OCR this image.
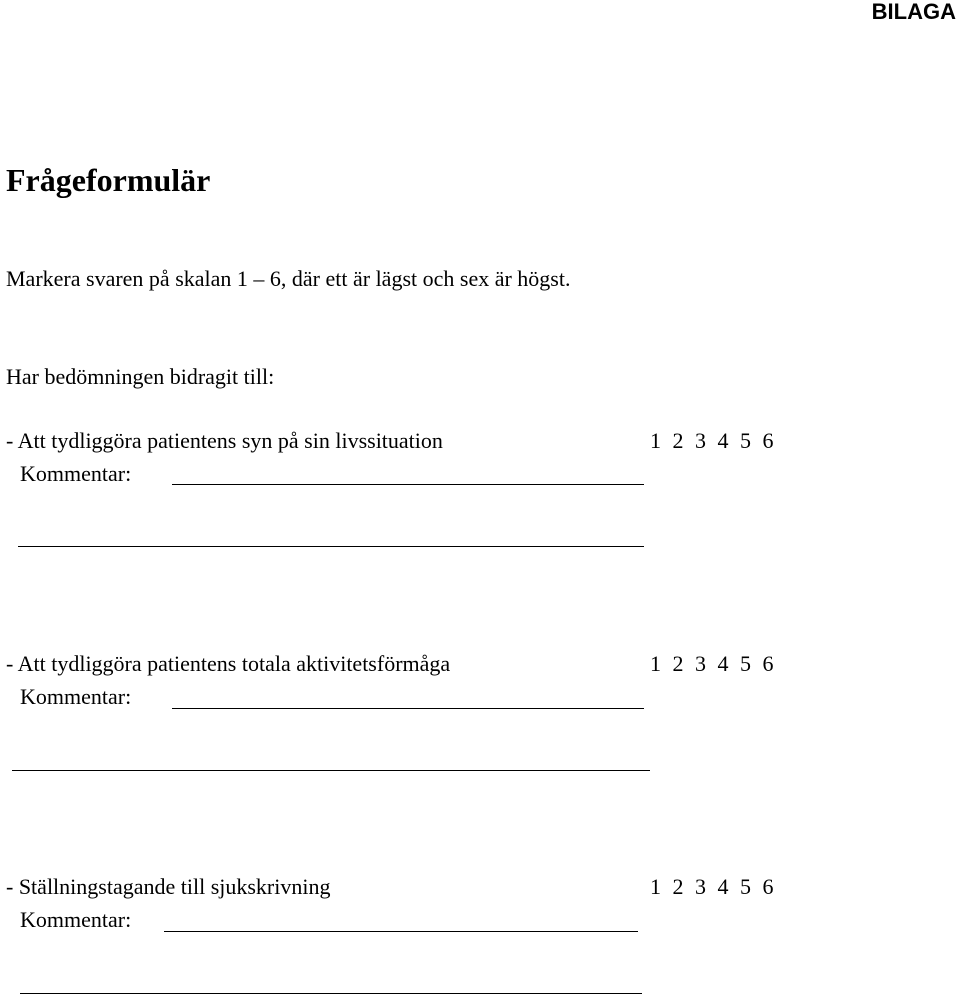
BILAGA
Frågeformulär
Markera svaren på skalan 1 – 6, där ett är lägst och sex är högst.
Har bedömningen bidragit till:
- Att tydliggöra patientens syn på sin livssituation	1 2 3 4 5 6
Kommentar:
- Att tydliggöra patientens totala aktivitetsförmåga	1 2 3 4 5 6
Kommentar:
- Ställningstagande till sjukskrivning	1 2 3 4 5 6
Kommentar:
